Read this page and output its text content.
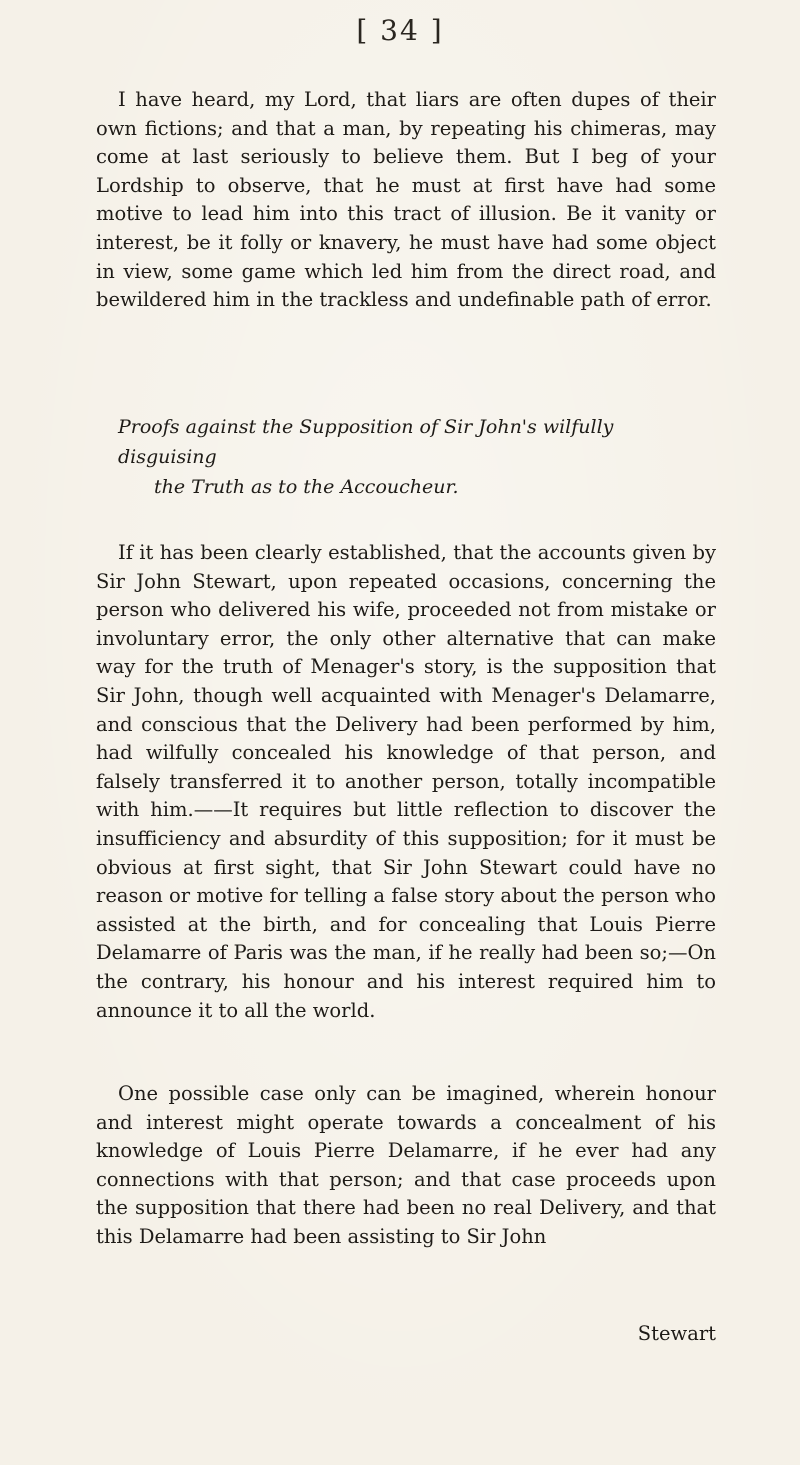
[ 34 ]

I have heard, my Lord, that liars are often dupes of their own fictions; and that a man, by repeating his chimeras, may come at last seriously to believe them. But I beg of your Lordship to observe, that he must at first have had some motive to lead him into this tract of illusion. Be it vanity or interest, be it folly or knavery, he must have had some object in view, some game which led him from the direct road, and bewildered him in the trackless and undefinable path of error.

Proofs against the Supposition of Sir John's wilfully disguising
the Truth as to the Accoucheur.

If it has been clearly established, that the accounts given by Sir John Stewart, upon repeated occasions, concerning the person who delivered his wife, proceeded not from mistake or involuntary error, the only other alternative that can make way for the truth of Menager's story, is the supposition that Sir John, though well acquainted with Menager's Delamarre, and conscious that the Delivery had been performed by him, had wilfully concealed his knowledge of that person, and falsely transferred it to another person, totally incompatible with him.——It requires but little reflection to discover the insufficiency and absurdity of this supposition; for it must be obvious at first sight, that Sir John Stewart could have no reason or motive for telling a false story about the person who assisted at the birth, and for concealing that Louis Pierre Delamarre of Paris was the man, if he really had been so;—On the contrary, his honour and his interest required him to announce it to all the world.

One possible case only can be imagined, wherein honour and interest might operate towards a concealment of his knowledge of Louis Pierre Delamarre, if he ever had any connections with that person; and that case proceeds upon the supposition that there had been no real Delivery, and that this Delamarre had been assisting to Sir John

Stewart
